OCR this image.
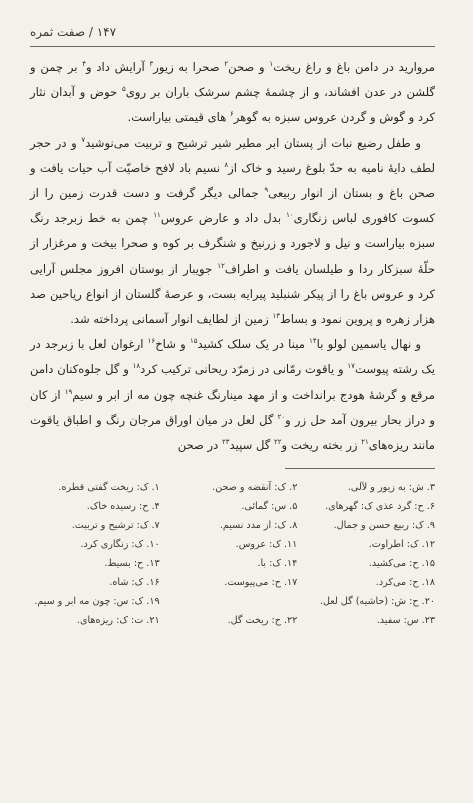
۱۴۷ / صفت ثمره

مروارید در دامن باغ و راغ ریخت$^۱$ و صحن$^۲$ صحرا به زیور$^۳$ آرایش داد و$^۴$ بر چمن و گلشن در عدن افشاند، و از چشمهٔ چشم سرشک باران بر روی$^۵$ حوض و آبدان نثار کرد و گوش و گردن عروس سبزه به گوهر$^۶$ های قیمتی بیاراست.

و طفل رضیع نبات از پستان ابر مطیر شیر ترشیح و تربیت می‌نوشید$^۷$ و در حجر لطف دایهٔ نامیه به حدّ بلوغ رسید و خاک از$^۸$ نسیم باد لافح خاصیّت آب حیات یافت و صحن باغ و بستان از انوار ربیعی$^۹$ جمالی دیگر گرفت و دست قدرت زمین را از کسوت کافوری لباس زنگاری$^{۱۰}$ بدل داد و عارض عروس$^{۱۱}$ چمن به خط زبرجد رنگ سبزه بیاراست و نیل و لاجورد و زرنیخ و شنگرف بر کوه و صحرا بیخت و مرغزار از حلّهٔ سبزکار ردا و طیلسان یافت و اطراف$^{۱۲}$ جویبار از بوستان افروز مجلس آرایی کرد و عروس باغ را از پیکر شنبلید پیرایه بست، و عرصهٔ گلستان از انواع ریاحین صد هزار زهره و پروین نمود و بساط$^{۱۳}$ زمین از لطایف انوار آسمانی پرداخته شد.

و نهال یاسمین لولو با$^{۱۴}$ مینا در یک سلک کشید$^{۱۵}$ و شاخ$^{۱۶}$ ارغوان لعل با زبرجد در یک رشته پیوست$^{۱۷}$ و یاقوت رمّانی در زمرّد ریحانی ترکیب کرد$^{۱۸}$ و گل جلوه‌کنان دامن مرقع و گرشهٔ هودج برانداخت و از مهد مینارنگ غنچه چون مه از ابر و سیم$^{۱۹}$ از کان و دراز بحار بیرون آمد حل زر و$^{۲۰}$ گل لعل در میان اوراق مرجان رنگ و اطباق یاقوت مانند ریزه‌های$^{۲۱}$ زر بخته ریخت و$^{۲۲}$ گل سپید$^{۲۳}$ در صحن

۳. ش: به زیور و لآلی.
۲. ک: آنقضه و صحن.
۱. ک: ریخت گفتی قطره.
۶. ح: گرد عذی ک: گهرهای.
۵. س: گمائی.
۴. ح: رسیده خاک.
۹. ک: ربیع حسن و جمال.
۸. ک: از مدد نسیم.
۷. ک: ترشیح و تربیت.
۱۲. ک: اطراوت.
۱۱. ک: عروس.
۱۰. ک: زنگاری کرد.
۱۵. ح: می‌کشید.
۱۴. ک: با.
۱۳. ح: بسیط.
۱۸. ح: می‌کرد.
۱۷. ح: می‌پیوست.
۱۶. ک: شاه.
۲۰. ح: ش: (حاشیه) گل لعل.
۱۹. ک: س: چون مه ابر و سیم.
۲۳. س: سفید.
۲۲. ح: ریخت گل.
۲۱. ت: ک: ریزه‌های.
